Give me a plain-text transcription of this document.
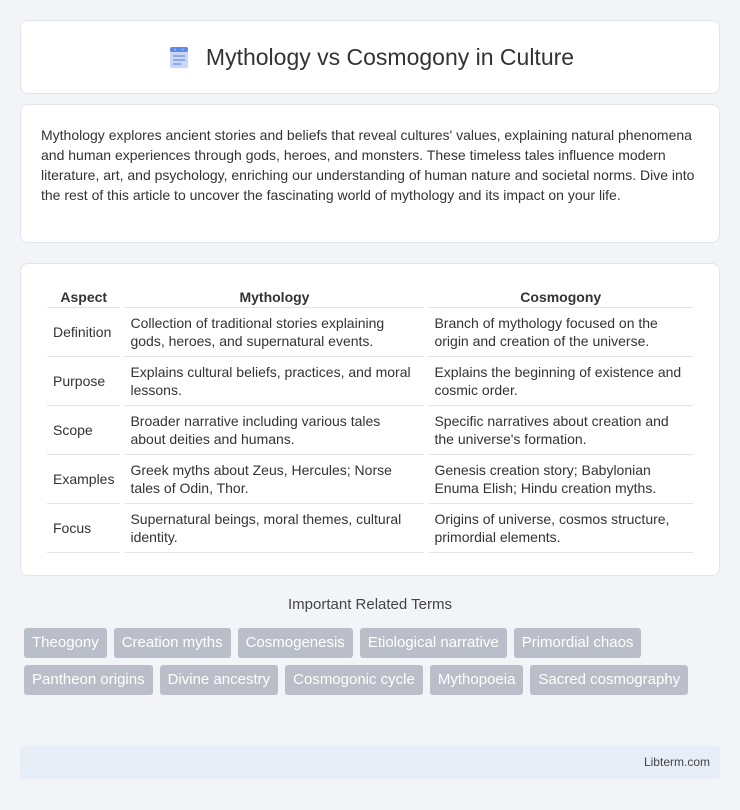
Mythology vs Cosmogony in Culture

Mythology explores ancient stories and beliefs that reveal cultures' values, explaining natural phenomena and human experiences through gods, heroes, and monsters. These timeless tales influence modern literature, art, and psychology, enriching our understanding of human nature and societal norms. Dive into the rest of this article to uncover the fascinating world of mythology and its impact on your life.

Aspect	Mythology	Cosmogony
Definition	Collection of traditional stories explaining gods, heroes, and supernatural events.	Branch of mythology focused on the origin and creation of the universe.
Purpose	Explains cultural beliefs, practices, and moral lessons.	Explains the beginning of existence and cosmic order.
Scope	Broader narrative including various tales about deities and humans.	Specific narratives about creation and the universe's formation.
Examples	Greek myths about Zeus, Hercules; Norse tales of Odin, Thor.	Genesis creation story; Babylonian Enuma Elish; Hindu creation myths.
Focus	Supernatural beings, moral themes, cultural identity.	Origins of universe, cosmos structure, primordial elements.
Important Related Terms
Theogony	Creation myths	Cosmogenesis	Etiological narrative	Primordial chaos
Pantheon origins	Divine ancestry	Cosmogonic cycle	Mythopoeia	Sacred cosmography
Libterm.com
